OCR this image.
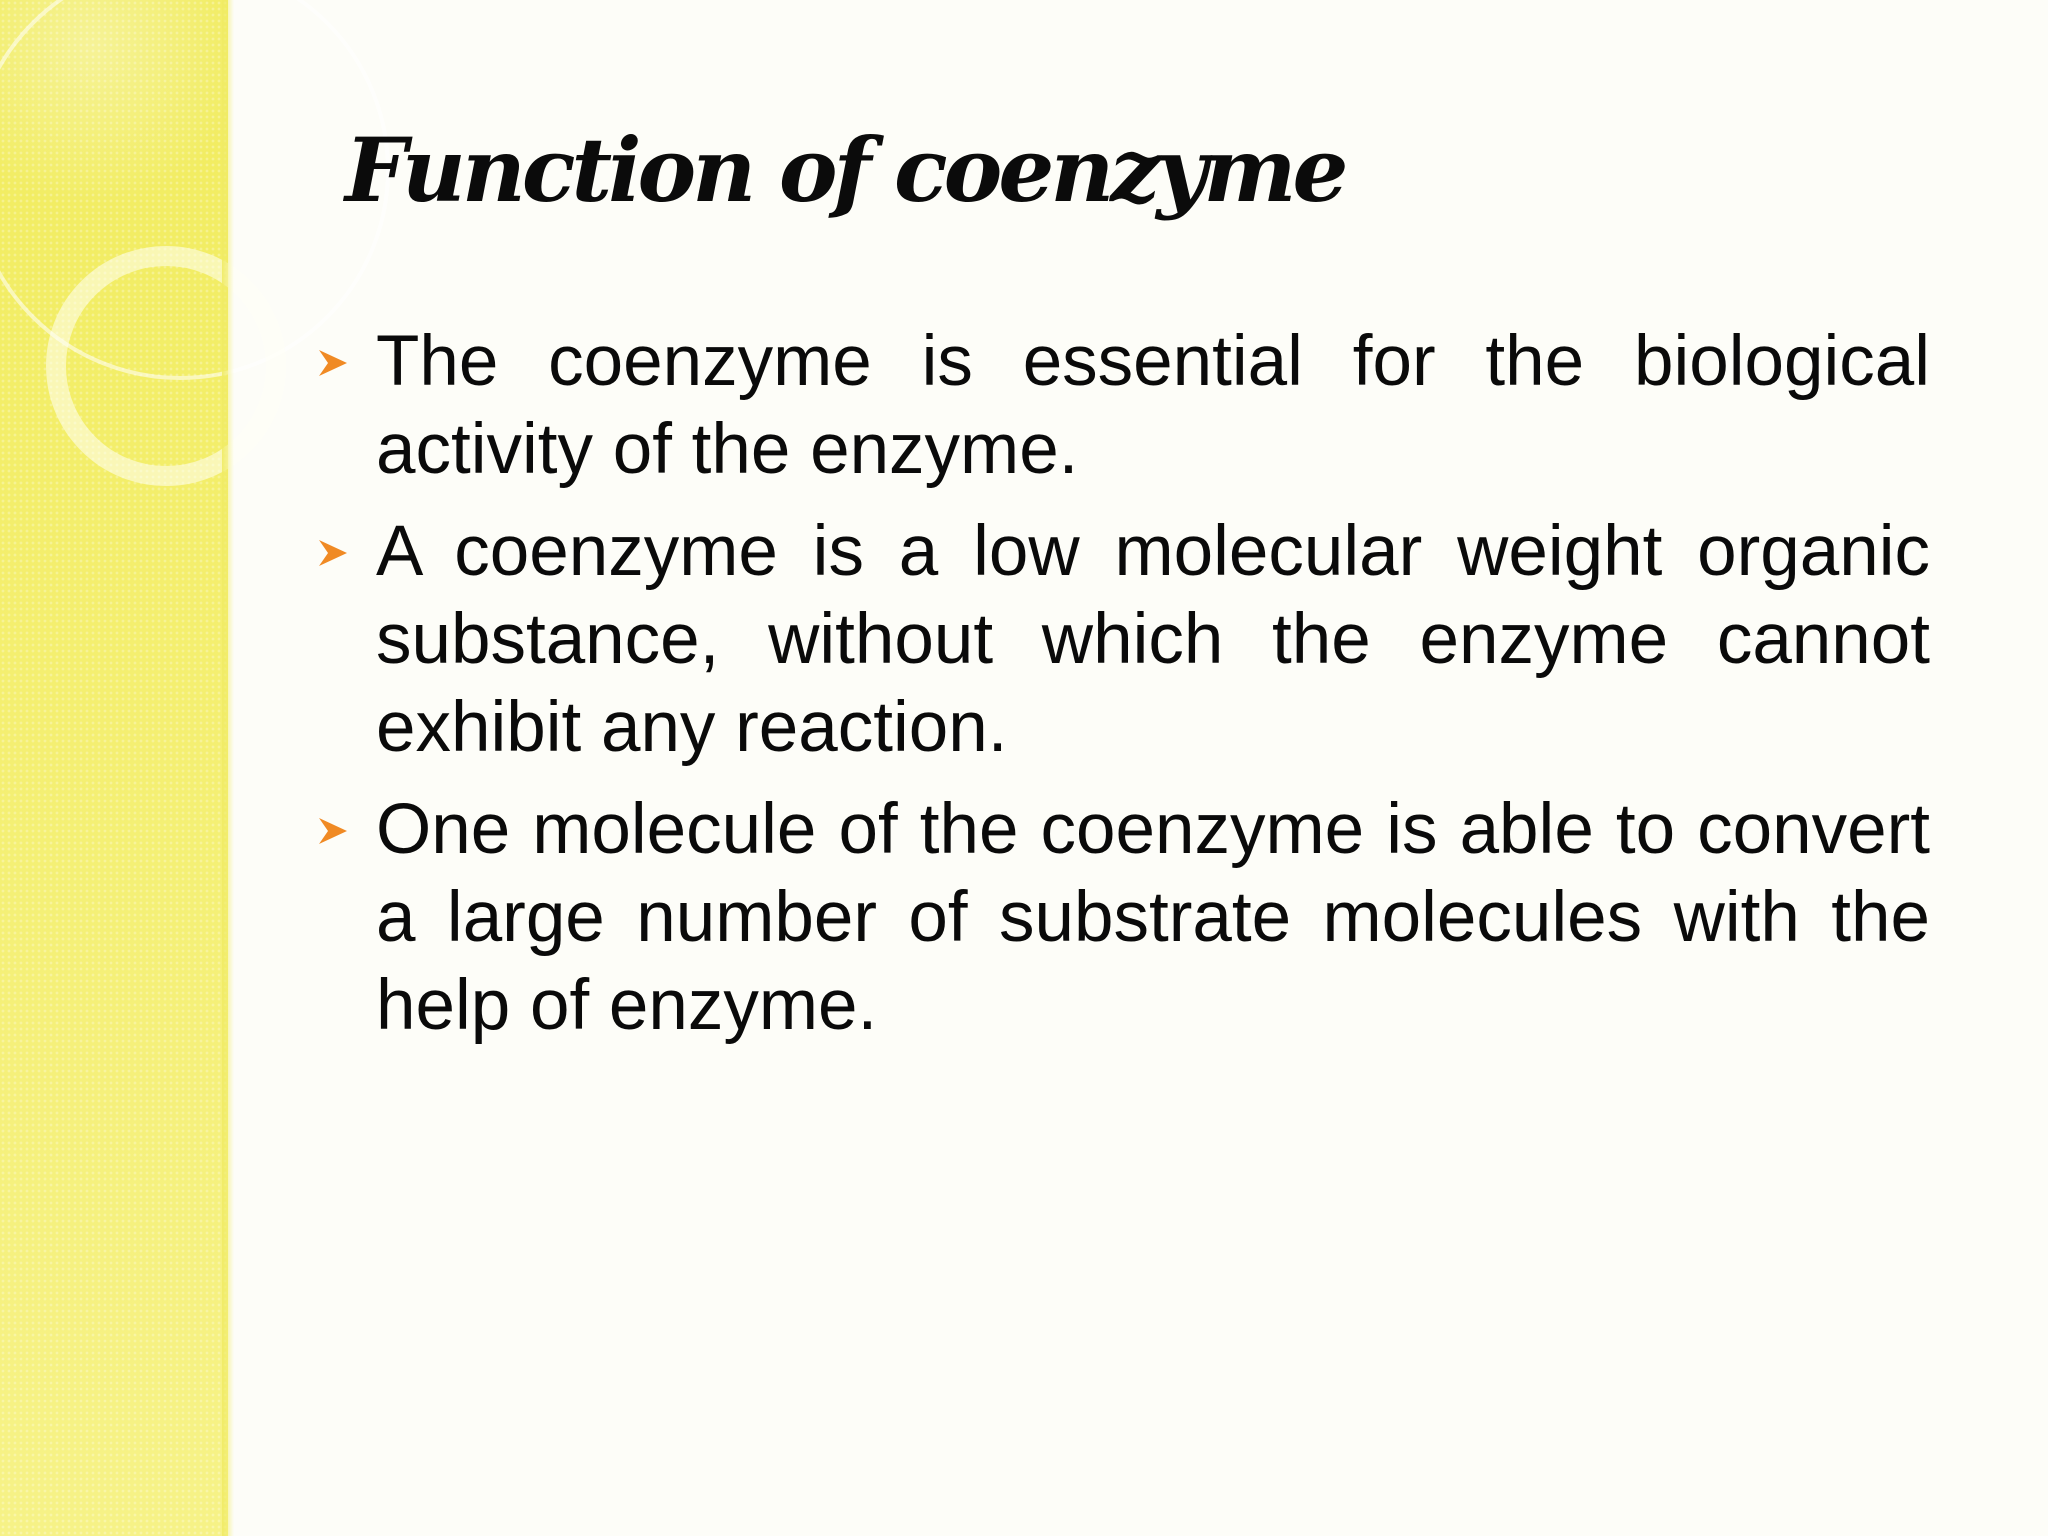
Function of coenzyme
The coenzyme is essential for the biological activity of the enzyme.
A coenzyme is a low molecular weight organic substance, without which the enzyme cannot exhibit any reaction.
One molecule of the coenzyme is able to convert a large number of substrate molecules with the help of enzyme.
